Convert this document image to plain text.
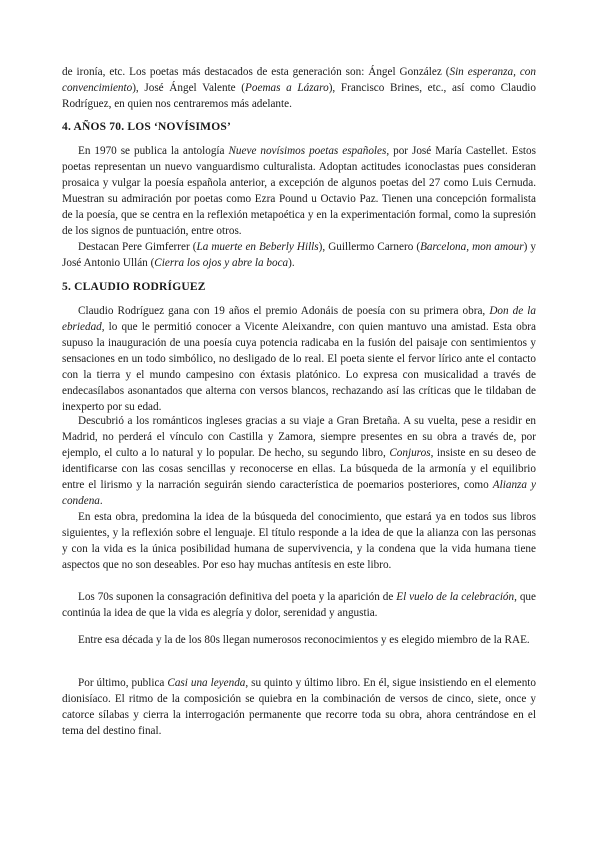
de ironía, etc. Los poetas más destacados de esta generación son: Ángel González (Sin esperanza, con convencimiento), José Ángel Valente (Poemas a Lázaro), Francisco Brines, etc., así como Claudio Rodríguez, en quien nos centraremos más adelante.

4. AÑOS 70. LOS ‘NOVÍSIMOS’

En 1970 se publica la antología Nueve novísimos poetas españoles, por José María Castellet. Estos poetas representan un nuevo vanguardismo culturalista. Adoptan actitudes iconoclastas pues consideran prosaica y vulgar la poesía española anterior, a excepción de algunos poetas del 27 como Luis Cernuda. Muestran su admiración por poetas como Ezra Pound u Octavio Paz. Tienen una concepción formalista de la poesía, que se centra en la reflexión metapoética y en la experimentación formal, como la supresión de los signos de puntuación, entre otros.

Destacan Pere Gimferrer (La muerte en Beberly Hills), Guillermo Carnero (Barcelona, mon amour) y José Antonio Ullán (Cierra los ojos y abre la boca).

5. CLAUDIO RODRÍGUEZ

Claudio Rodríguez gana con 19 años el premio Adonáis de poesía con su primera obra, Don de la ebriedad, lo que le permitió conocer a Vicente Aleixandre, con quien mantuvo una amistad. Esta obra supuso la inauguración de una poesía cuya potencia radicaba en la fusión del paisaje con sentimientos y sensaciones en un todo simbólico, no desligado de lo real. El poeta siente el fervor lírico ante el contacto con la tierra y el mundo campesino con éxtasis platónico. Lo expresa con musicalidad a través de endecasílabos asonantados que alterna con versos blancos, rechazando así las críticas que le tildaban de inexperto por su edad.

Descubrió a los románticos ingleses gracias a su viaje a Gran Bretaña. A su vuelta, pese a residir en Madrid, no perderá el vínculo con Castilla y Zamora, siempre presentes en su obra a través de, por ejemplo, el culto a lo natural y lo popular. De hecho, su segundo libro, Conjuros, insiste en su deseo de identificarse con las cosas sencillas y reconocerse en ellas. La búsqueda de la armonía y el equilibrio entre el lirismo y la narración seguirán siendo característica de poemarios posteriores, como Alianza y condena.

En esta obra, predomina la idea de la búsqueda del conocimiento, que estará ya en todos sus libros siguientes, y la reflexión sobre el lenguaje. El título responde a la idea de que la alianza con las personas y con la vida es la única posibilidad humana de supervivencia, y la condena que la vida humana tiene aspectos que no son deseables. Por eso hay muchas antítesis en este libro.

Los 70s suponen la consagración definitiva del poeta y la aparición de El vuelo de la celebración, que continúa la idea de que la vida es alegría y dolor, serenidad y angustia.

Entre esa década y la de los 80s llegan numerosos reconocimientos y es elegido miembro de la RAE.

Por último, publica Casi una leyenda, su quinto y último libro. En él, sigue insistiendo en el elemento dionisíaco. El ritmo de la composición se quiebra en la combinación de versos de cinco, siete, once y catorce sílabas y cierra la interrogación permanente que recorre toda su obra, ahora centrándose en el tema del destino final.
